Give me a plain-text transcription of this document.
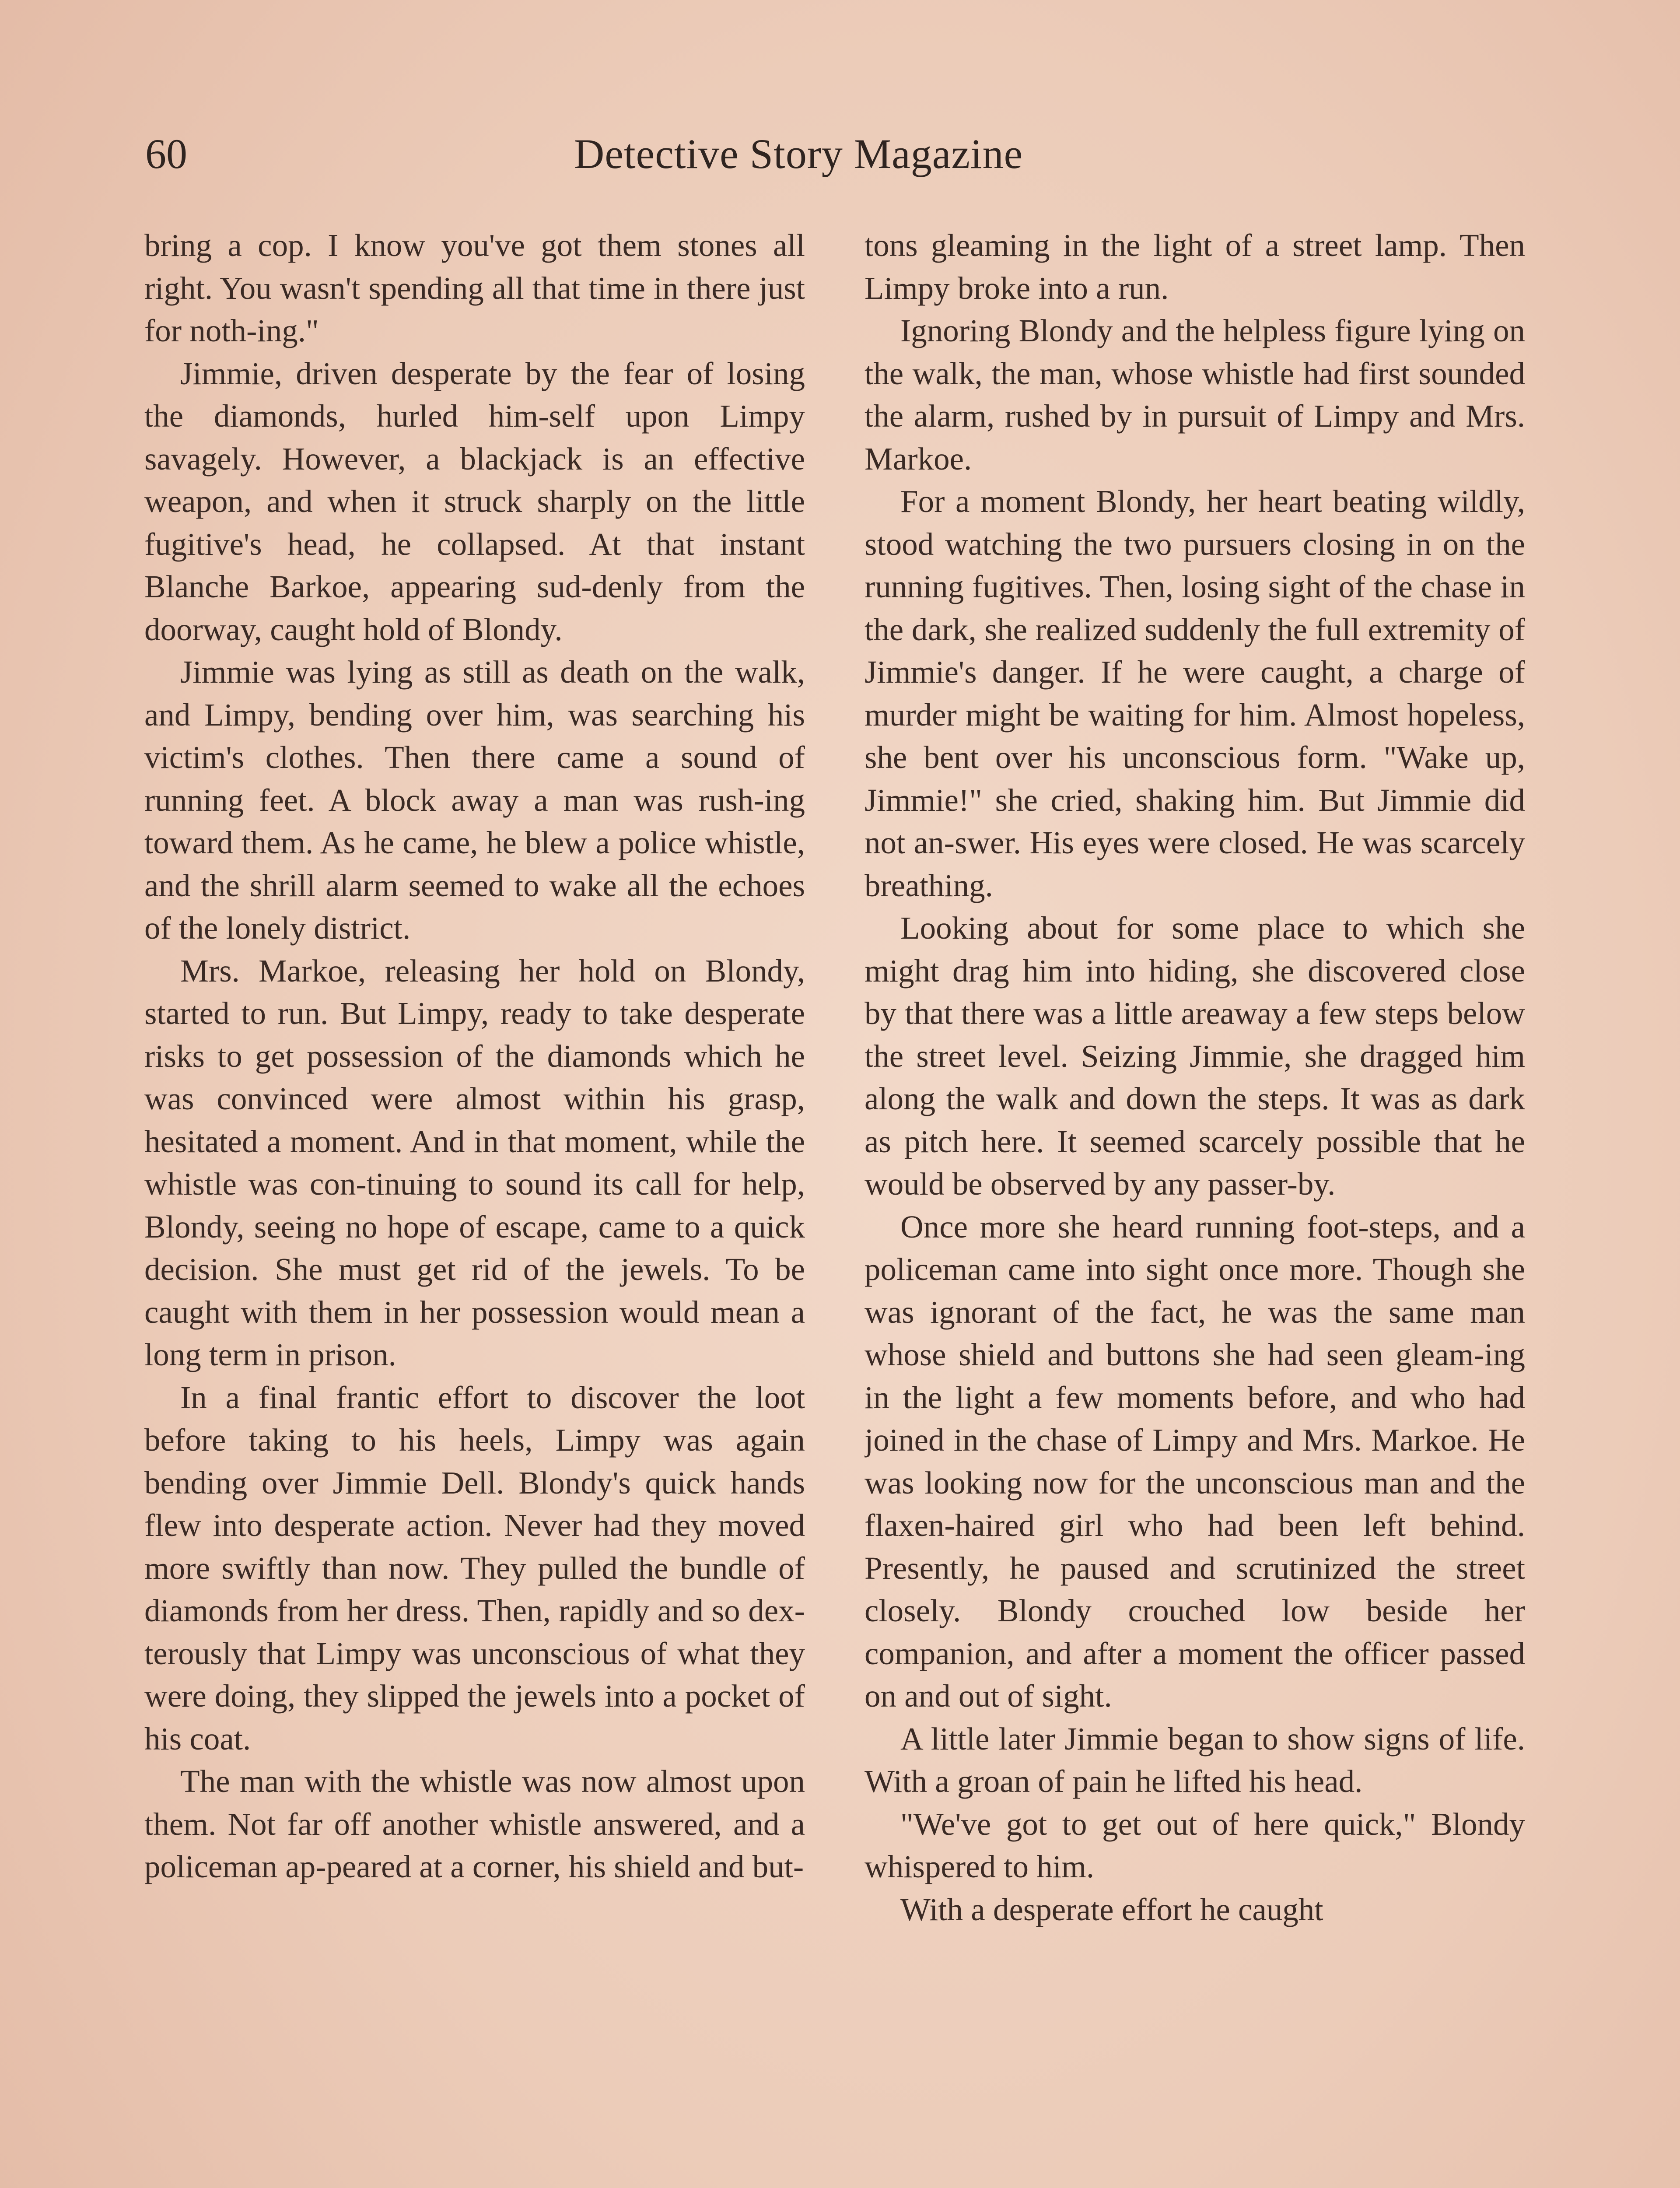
60	Detective Story Magazine

bring a cop. I know you've got them stones all right. You wasn't spending all that time in there just for noth-ing."

Jimmie, driven desperate by the fear of losing the diamonds, hurled him-self upon Limpy savagely. However, a blackjack is an effective weapon, and when it struck sharply on the little fugitive's head, he collapsed. At that instant Blanche Barkoe, appearing sud-denly from the doorway, caught hold of Blondy.

Jimmie was lying as still as death on the walk, and Limpy, bending over him, was searching his victim's clothes. Then there came a sound of running feet. A block away a man was rush-ing toward them. As he came, he blew a police whistle, and the shrill alarm seemed to wake all the echoes of the lonely district.

Mrs. Markoe, releasing her hold on Blondy, started to run. But Limpy, ready to take desperate risks to get possession of the diamonds which he was convinced were almost within his grasp, hesitated a moment. And in that moment, while the whistle was con-tinuing to sound its call for help, Blondy, seeing no hope of escape, came to a quick decision. She must get rid of the jewels. To be caught with them in her possession would mean a long term in prison.

In a final frantic effort to discover the loot before taking to his heels, Limpy was again bending over Jimmie Dell. Blondy's quick hands flew into desperate action. Never had they moved more swiftly than now. They pulled the bundle of diamonds from her dress. Then, rapidly and so dex-terously that Limpy was unconscious of what they were doing, they slipped the jewels into a pocket of his coat.

The man with the whistle was now almost upon them. Not far off another whistle answered, and a policeman ap-peared at a corner, his shield and but-

tons gleaming in the light of a street lamp. Then Limpy broke into a run.

Ignoring Blondy and the helpless figure lying on the walk, the man, whose whistle had first sounded the alarm, rushed by in pursuit of Limpy and Mrs. Markoe.

For a moment Blondy, her heart beating wildly, stood watching the two pursuers closing in on the running fugitives. Then, losing sight of the chase in the dark, she realized suddenly the full extremity of Jimmie's danger. If he were caught, a charge of murder might be waiting for him. Almost hopeless, she bent over his unconscious form. "Wake up, Jimmie!" she cried, shaking him. But Jimmie did not an-swer. His eyes were closed. He was scarcely breathing.

Looking about for some place to which she might drag him into hiding, she discovered close by that there was a little areaway a few steps below the street level. Seizing Jimmie, she dragged him along the walk and down the steps. It was as dark as pitch here. It seemed scarcely possible that he would be observed by any passer-by.

Once more she heard running foot-steps, and a policeman came into sight once more. Though she was ignorant of the fact, he was the same man whose shield and buttons she had seen gleam-ing in the light a few moments before, and who had joined in the chase of Limpy and Mrs. Markoe. He was looking now for the unconscious man and the flaxen-haired girl who had been left behind. Presently, he paused and scrutinized the street closely. Blondy crouched low beside her companion, and after a moment the officer passed on and out of sight.

A little later Jimmie began to show signs of life. With a groan of pain he lifted his head.

"We've got to get out of here quick," Blondy whispered to him.

With a desperate effort he caught
